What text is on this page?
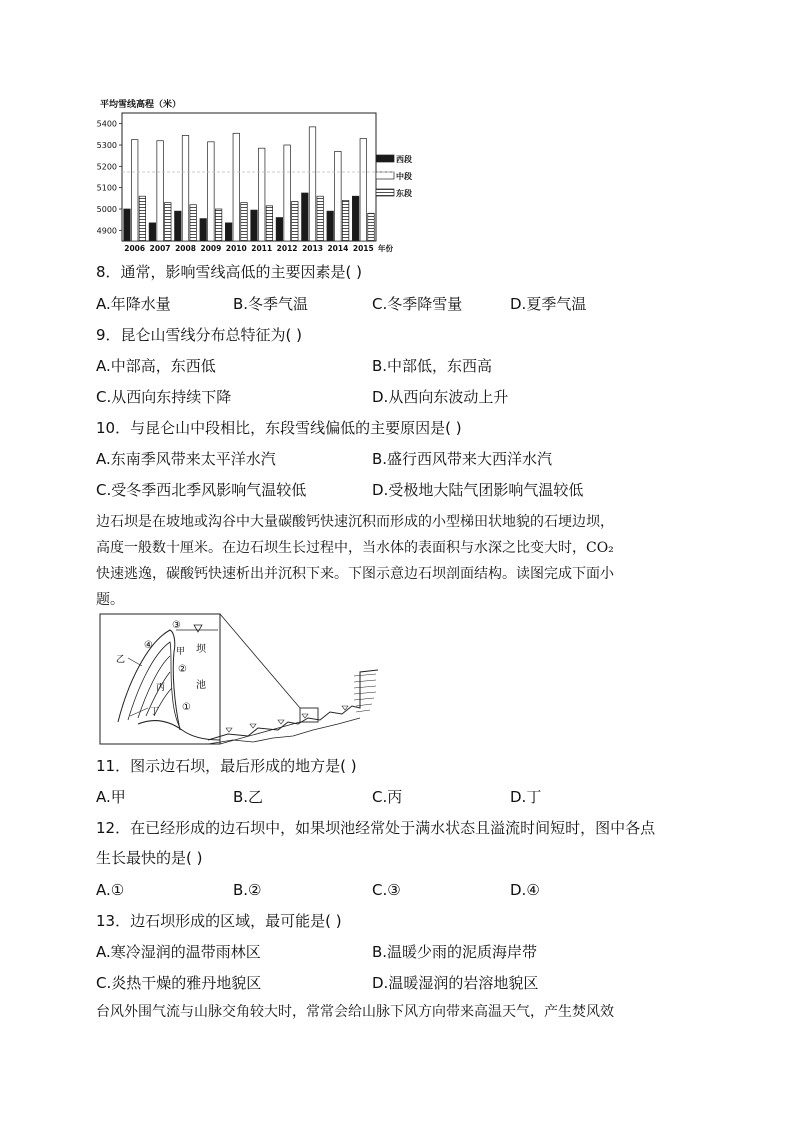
平均雪线高程（米）
4900
5000
5100
5200
5300
5400
2006 2007 2008 2009 2010 2011 2012 2013 2014 2015 年份
西段
中段
东段
8．通常，影响雪线高低的主要因素是( )
A.年降水量	B.冬季气温	C.冬季降雪量	D.夏季气温
9．昆仑山雪线分布总特征为( )
A.中部高，东西低	B.中部低，东西高
C.从西向东持续下降	D.从西向东波动上升
10．与昆仑山中段相比，东段雪线偏低的主要原因是( )
A.东南季风带来太平洋水汽	B.盛行西风带来大西洋水汽
C.受冬季西北季风影响气温较低	D.受极地大陆气团影响气温较低

边石坝是在坡地或沟谷中大量碳酸钙快速沉积而形成的小型梯田状地貌的石埂边坝，

高度一般数十厘米。在边石坝生长过程中，当水体的表面积与水深之比变大时，CO₂

快速逃逸，碳酸钙快速析出并沉积下来。下图示意边石坝剖面结构。读图完成下面小

题。

③
④
甲
②
乙
丙
①
丁
坝
池
11．图示边石坝，最后形成的地方是( )
A.甲	B.乙	C.丙	D.丁
12．在已经形成的边石坝中，如果坝池经常处于满水状态且溢流时间短时，图中各点
生长最快的是( )
A.①	B.②	C.③	D.④
13．边石坝形成的区域，最可能是( )
A.寒冷湿润的温带雨林区	B.温暖少雨的泥质海岸带
C.炎热干燥的雅丹地貌区	D.温暖湿润的岩溶地貌区

台风外围气流与山脉交角较大时，常常会给山脉下风方向带来高温天气，产生焚风效
